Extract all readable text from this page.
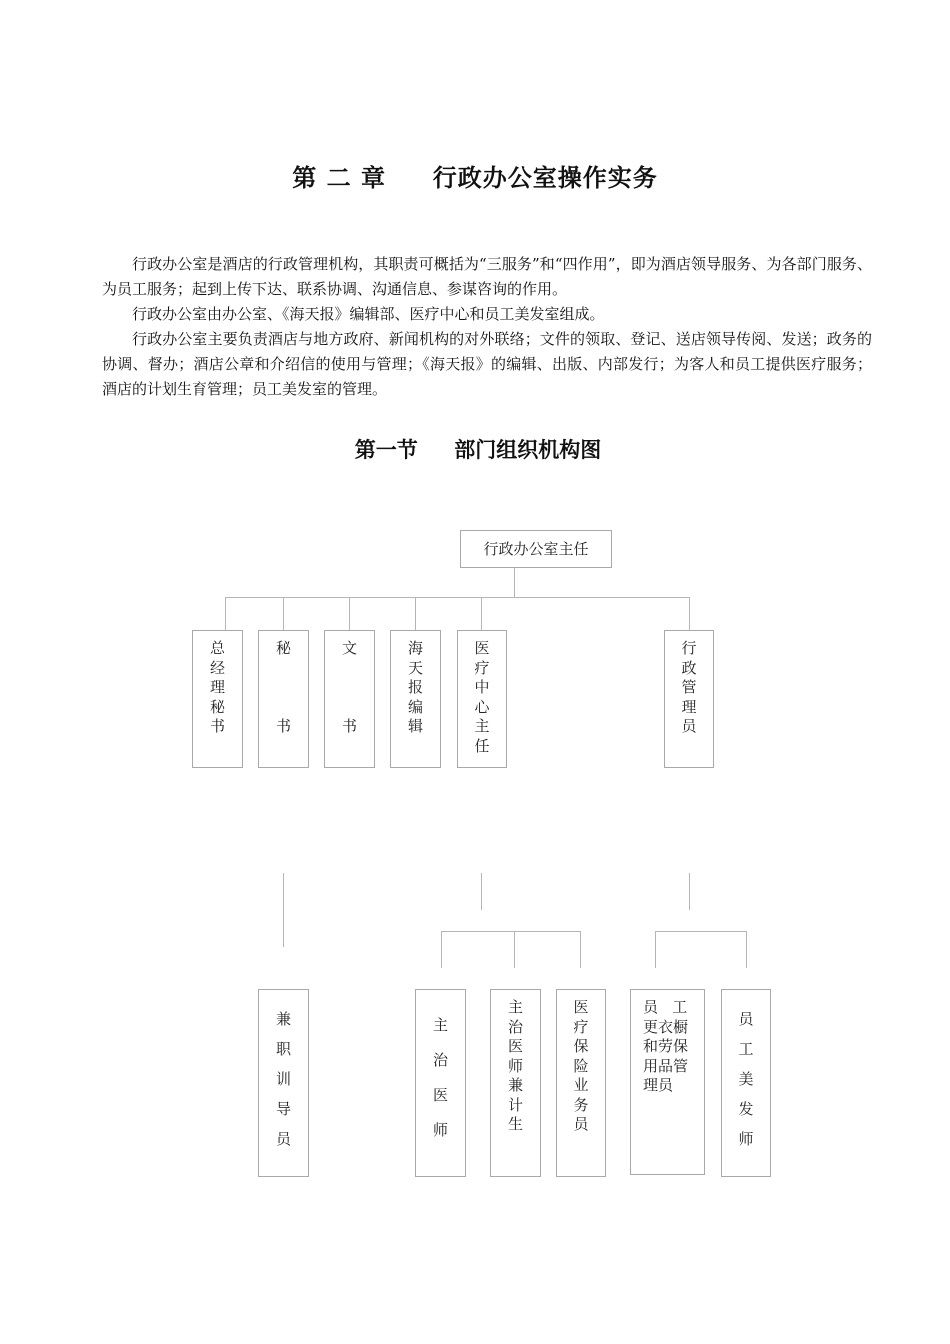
第 二 章     行政办公室操作实务

行政办公室是酒店的行政管理机构，其职责可概括为“三服务”和“四作用”，即为酒店领导服务、为各部门服务、为员工服务；起到上传下达、联系协调、沟通信息、参谋咨询的作用。

行政办公室由办公室、《海天报》编辑部、医疗中心和员工美发室组成。

行政办公室主要负责酒店与地方政府、新闻机构的对外联络；文件的领取、登记、送店领导传阅、发送；政务的协调、督办；酒店公章和介绍信的使用与管理；《海天报》的编辑、出版、内部发行；为客人和员工提供医疗服务；酒店的计划生育管理；员工美发室的管理。

第一节     部门组织机构图
行政办公室主任
总
经
理
秘
书
秘

书
文

书
海
天
报
编
辑
医
疗
中
心
主
任
行
政
管
理
员
兼
职
训
导
员
主
治
医
师
主
治
医
师
兼
计
生
医
疗
保
险
业
务
员
员   工
更衣橱
和劳保
用品管
理员
员
工
美
发
师
